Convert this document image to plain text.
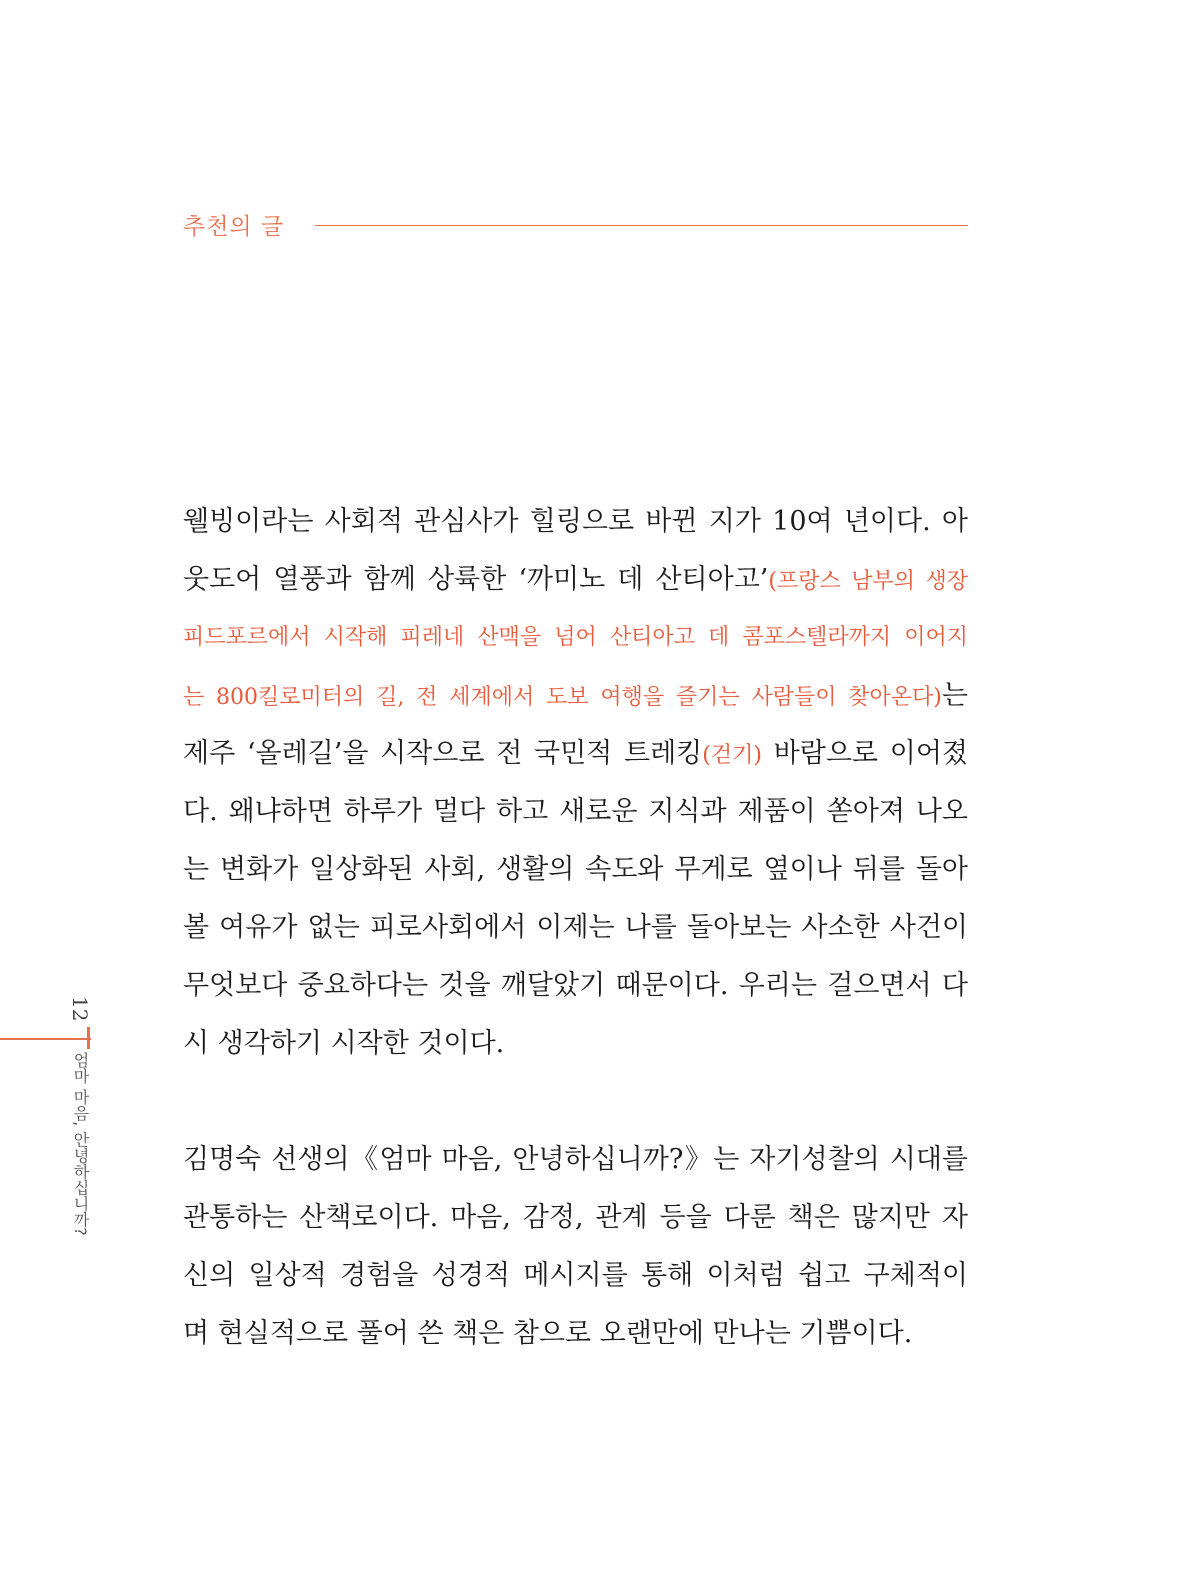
추천의 글
웰빙이라는 사회적 관심사가 힐링으로 바뀐 지가 10여 년이다. 아
웃도어 열풍과 함께 상륙한 ‘까미노 데 산티아고’(프랑스 남부의 생장
피드포르에서 시작해 피레네 산맥을 넘어 산티아고 데 콤포스텔라까지 이어지
는 800킬로미터의 길, 전 세계에서 도보 여행을 즐기는 사람들이 찾아온다)는
제주 ‘올레길’을 시작으로 전 국민적 트레킹(걷기) 바람으로 이어졌
다. 왜냐하면 하루가 멀다 하고 새로운 지식과 제품이 쏟아져 나오
는 변화가 일상화된 사회, 생활의 속도와 무게로 옆이나 뒤를 돌아
볼 여유가 없는 피로사회에서 이제는 나를 돌아보는 사소한 사건이
무엇보다 중요하다는 것을 깨달았기 때문이다. 우리는 걸으면서 다
시 생각하기 시작한 것이다.
김명숙 선생의《엄마 마음, 안녕하십니까?》는 자기성찰의 시대를
관통하는 산책로이다. 마음, 감정, 관계 등을 다룬 책은 많지만 자
신의 일상적 경험을 성경적 메시지를 통해 이처럼 쉽고 구체적이
며 현실적으로 풀어 쓴 책은 참으로 오랜만에 만나는 기쁨이다.
12
엄마 마음, 안녕하십니까?
